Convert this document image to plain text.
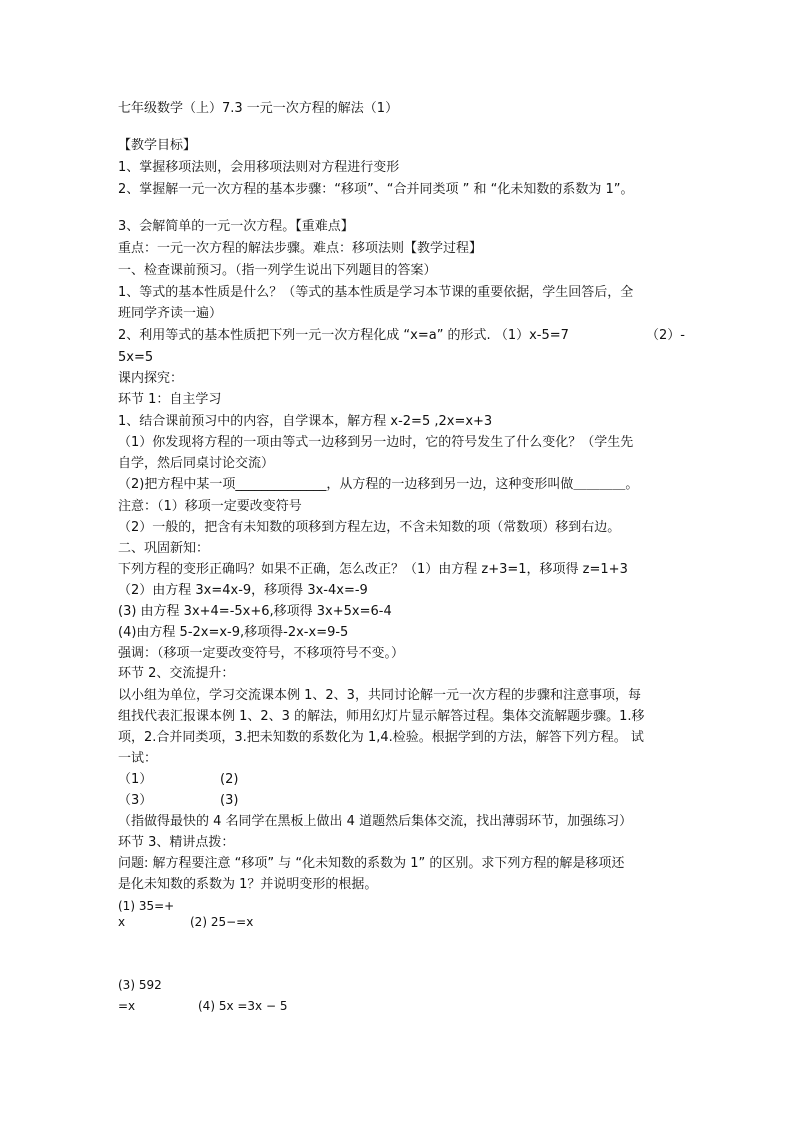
七年级数学（上）7.3 一元一次方程的解法（1）
【教学目标】
1、掌握移项法则，会用移项法则对方程进行变形
2、掌握解一元一次方程的基本步骤：“移项”、“合并同类项 ” 和 “化未知数的系数为 1”。
3、会解简单的一元一次方程。【重难点】
重点：一元一次方程的解法步骤。难点：移项法则【教学过程】
一、检查课前预习。（指一列学生说出下列题目的答案）
1、等式的基本性质是什么？（等式的基本性质是学习本节课的重要依据，学生回答后，全
班同学齐读一遍）
2、利用等式的基本性质把下列一元一次方程化成 “x=a” 的形式. （1）x-5=7	（2）-
5x=5
课内探究：
环节 1：自主学习
1、结合课前预习中的内容，自学课本，解方程 x-2=5 ,2x=x+3
（1）你发现将方程的一项由等式一边移到另一边时，它的符号发生了什么变化？（学生先
自学，然后同桌讨论交流）
（2)把方程中某一项______________，从方程的一边移到另一边，这种变形叫做＿＿＿＿。
注意：（1）移项一定要改变符号
（2）一般的，把含有未知数的项移到方程左边，不含未知数的项（常数项）移到右边。
二、巩固新知：
下列方程的变形正确吗？如果不正确，怎么改正？（1）由方程 z+3=1，移项得 z=1+3
（2）由方程 3x=4x-9，移项得 3x-4x=-9
(3) 由方程 3x+4=-5x+6,移项得 3x+5x=6-4
(4)由方程 5-2x=x-9,移项得-2x-x=9-5
强调：（移项一定要改变符号，不移项符号不变。）
环节 2、交流提升：
以小组为单位，学习交流课本例 1、2、3，共同讨论解一元一次方程的步骤和注意事项，每
组找代表汇报课本例 1、2、3 的解法，师用幻灯片显示解答过程。集体交流解题步骤。1.移
项，2.合并同类项，3.把未知数的系数化为 1,4.检验。根据学到的方法，解答下列方程。 试
一试：
（1）	(2)
（3）	(3)
（指做得最快的 4 名同学在黑板上做出 4 道题然后集体交流，找出薄弱环节，加强练习）
环节 3、精讲点拨：
问题: 解方程要注意 “移项” 与 “化未知数的系数为 1” 的区别。求下列方程的解是移项还
是化未知数的系数为 1？并说明变形的根据。
(1) 35=+
x	(2) 25−=x
(3) 592
=x	(4) 5x =3x − 5
